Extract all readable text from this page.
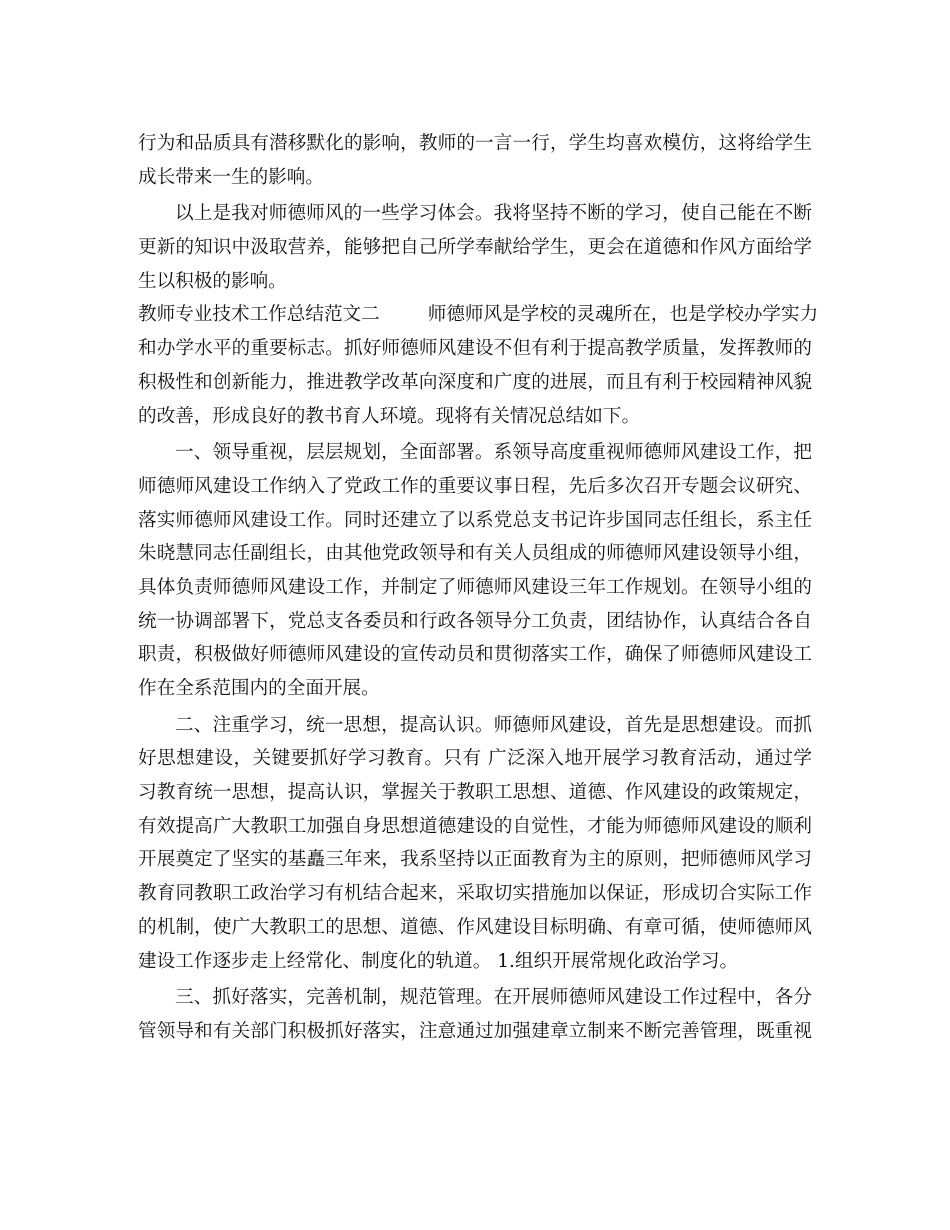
行为和品质具有潜移默化的影响，教师的一言一行，学生均喜欢模仿，这将给学生
成长带来一生的影响。
以上是我对师德师风的一些学习体会。我将坚持不断的学习，使自己能在不断
更新的知识中汲取营养，能够把自己所学奉献给学生，更会在道德和作风方面给学
生以积极的影响。
教师专业技术工作总结范文二	师德师风是学校的灵魂所在，也是学校办学实力
和办学水平的重要标志。抓好师德师风建设不但有利于提高教学质量，发挥教师的
积极性和创新能力，推进教学改革向深度和广度的进展，而且有利于校园精神风貌
的改善，形成良好的教书育人环境。现将有关情况总结如下。
一、领导重视，层层规划，全面部署。系领导高度重视师德师风建设工作，把
师德师风建设工作纳入了党政工作的重要议事日程，先后多次召开专题会议研究、
落实师德师风建设工作。同时还建立了以系党总支书记许步国同志任组长，系主任
朱晓慧同志任副组长，由其他党政领导和有关人员组成的师德师风建设领导小组，
具体负责师德师风建设工作，并制定了师德师风建设三年工作规划。在领导小组的
统一协调部署下，党总支各委员和行政各领导分工负责，团结协作，认真结合各自
职责，积极做好师德师风建设的宣传动员和贯彻落实工作，确保了师德师风建设工
作在全系范围内的全面开展。
二、注重学习，统一思想，提高认识。师德师风建设，首先是思想建设。而抓
好思想建设，关键要抓好学习教育。只有 广泛深入地开展学习教育活动，通过学
习教育统一思想，提高认识，掌握关于教职工思想、道德、作风建设的政策规定，
有效提高广大教职工加强自身思想道德建设的自觉性，才能为师德师风建设的顺利
开展奠定了坚实的基矗三年来，我系坚持以正面教育为主的原则，把师德师风学习
教育同教职工政治学习有机结合起来，采取切实措施加以保证，形成切合实际工作
的机制，使广大教职工的思想、道德、作风建设目标明确、有章可循，使师德师风
建设工作逐步走上经常化、制度化的轨道。 1.组织开展常规化政治学习。
三、抓好落实，完善机制，规范管理。在开展师德师风建设工作过程中，各分
管领导和有关部门积极抓好落实，注意通过加强建章立制来不断完善管理，既重视
